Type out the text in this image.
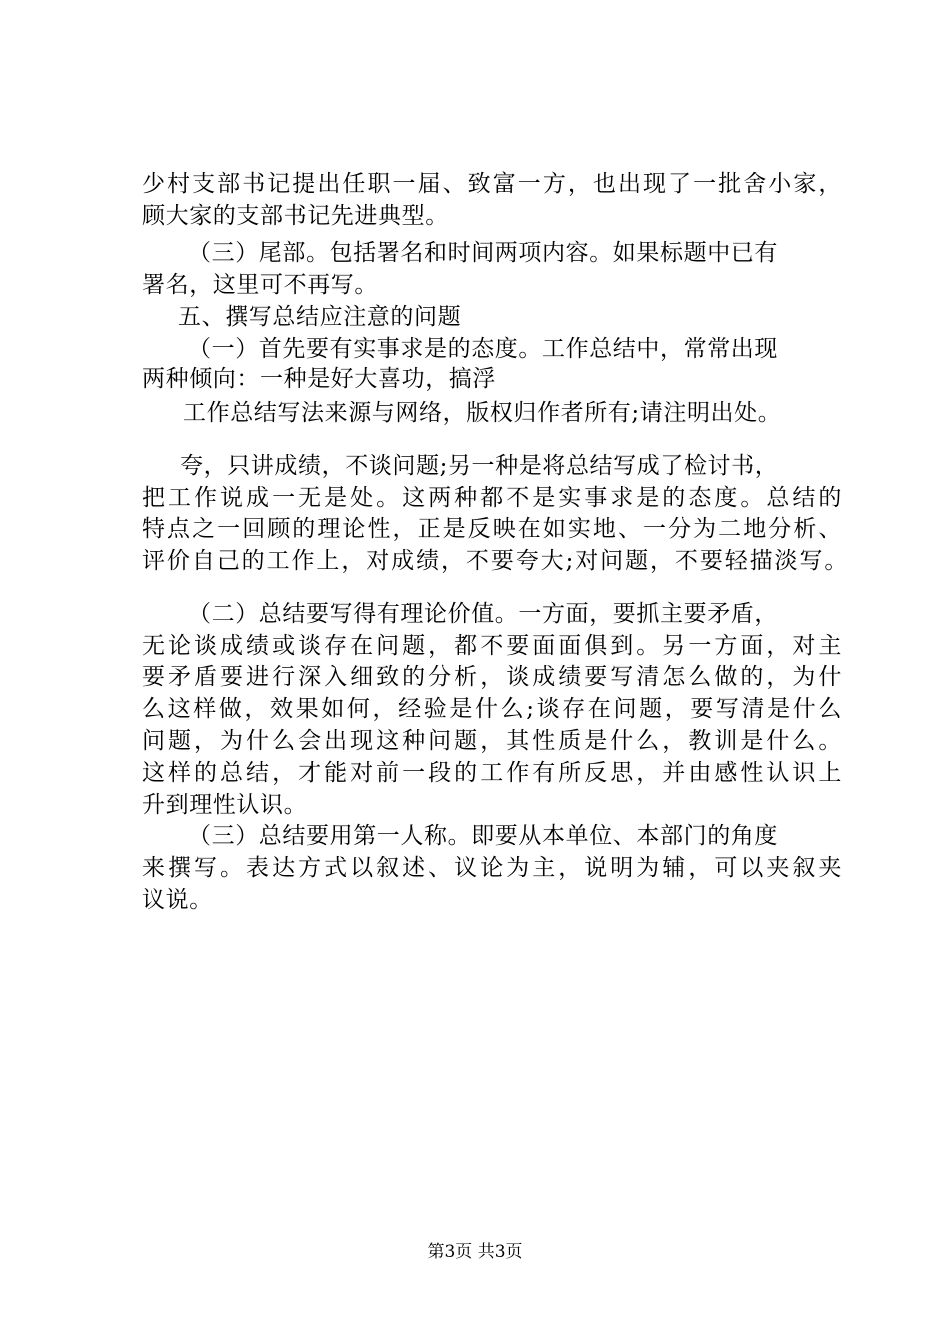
少村支部书记提出任职一届、致富一方，也出现了一批舍小家，
顾大家的支部书记先进典型。
（三）尾部。包括署名和时间两项内容。如果标题中已有
署名，这里可不再写。
五、撰写总结应注意的问题
（一）首先要有实事求是的态度。工作总结中，常常出现
两种倾向：一种是好大喜功，搞浮
工作总结写法来源与网络，版权归作者所有;请注明出处。
夸，只讲成绩，不谈问题;另一种是将总结写成了检讨书，
把工作说成一无是处。这两种都不是实事求是的态度。总结的
特点之一回顾的理论性，正是反映在如实地、一分为二地分析、
评价自己的工作上，对成绩，不要夸大;对问题，不要轻描淡写。
（二）总结要写得有理论价值。一方面，要抓主要矛盾，
无论谈成绩或谈存在问题，都不要面面俱到。另一方面，对主
要矛盾要进行深入细致的分析，谈成绩要写清怎么做的，为什
么这样做，效果如何，经验是什么;谈存在问题，要写清是什么
问题，为什么会出现这种问题，其性质是什么，教训是什么。
这样的总结，才能对前一段的工作有所反思，并由感性认识上
升到理性认识。
（三）总结要用第一人称。即要从本单位、本部门的角度
来撰写。表达方式以叙述、议论为主，说明为辅，可以夹叙夹
议说。
第3页 共3页
